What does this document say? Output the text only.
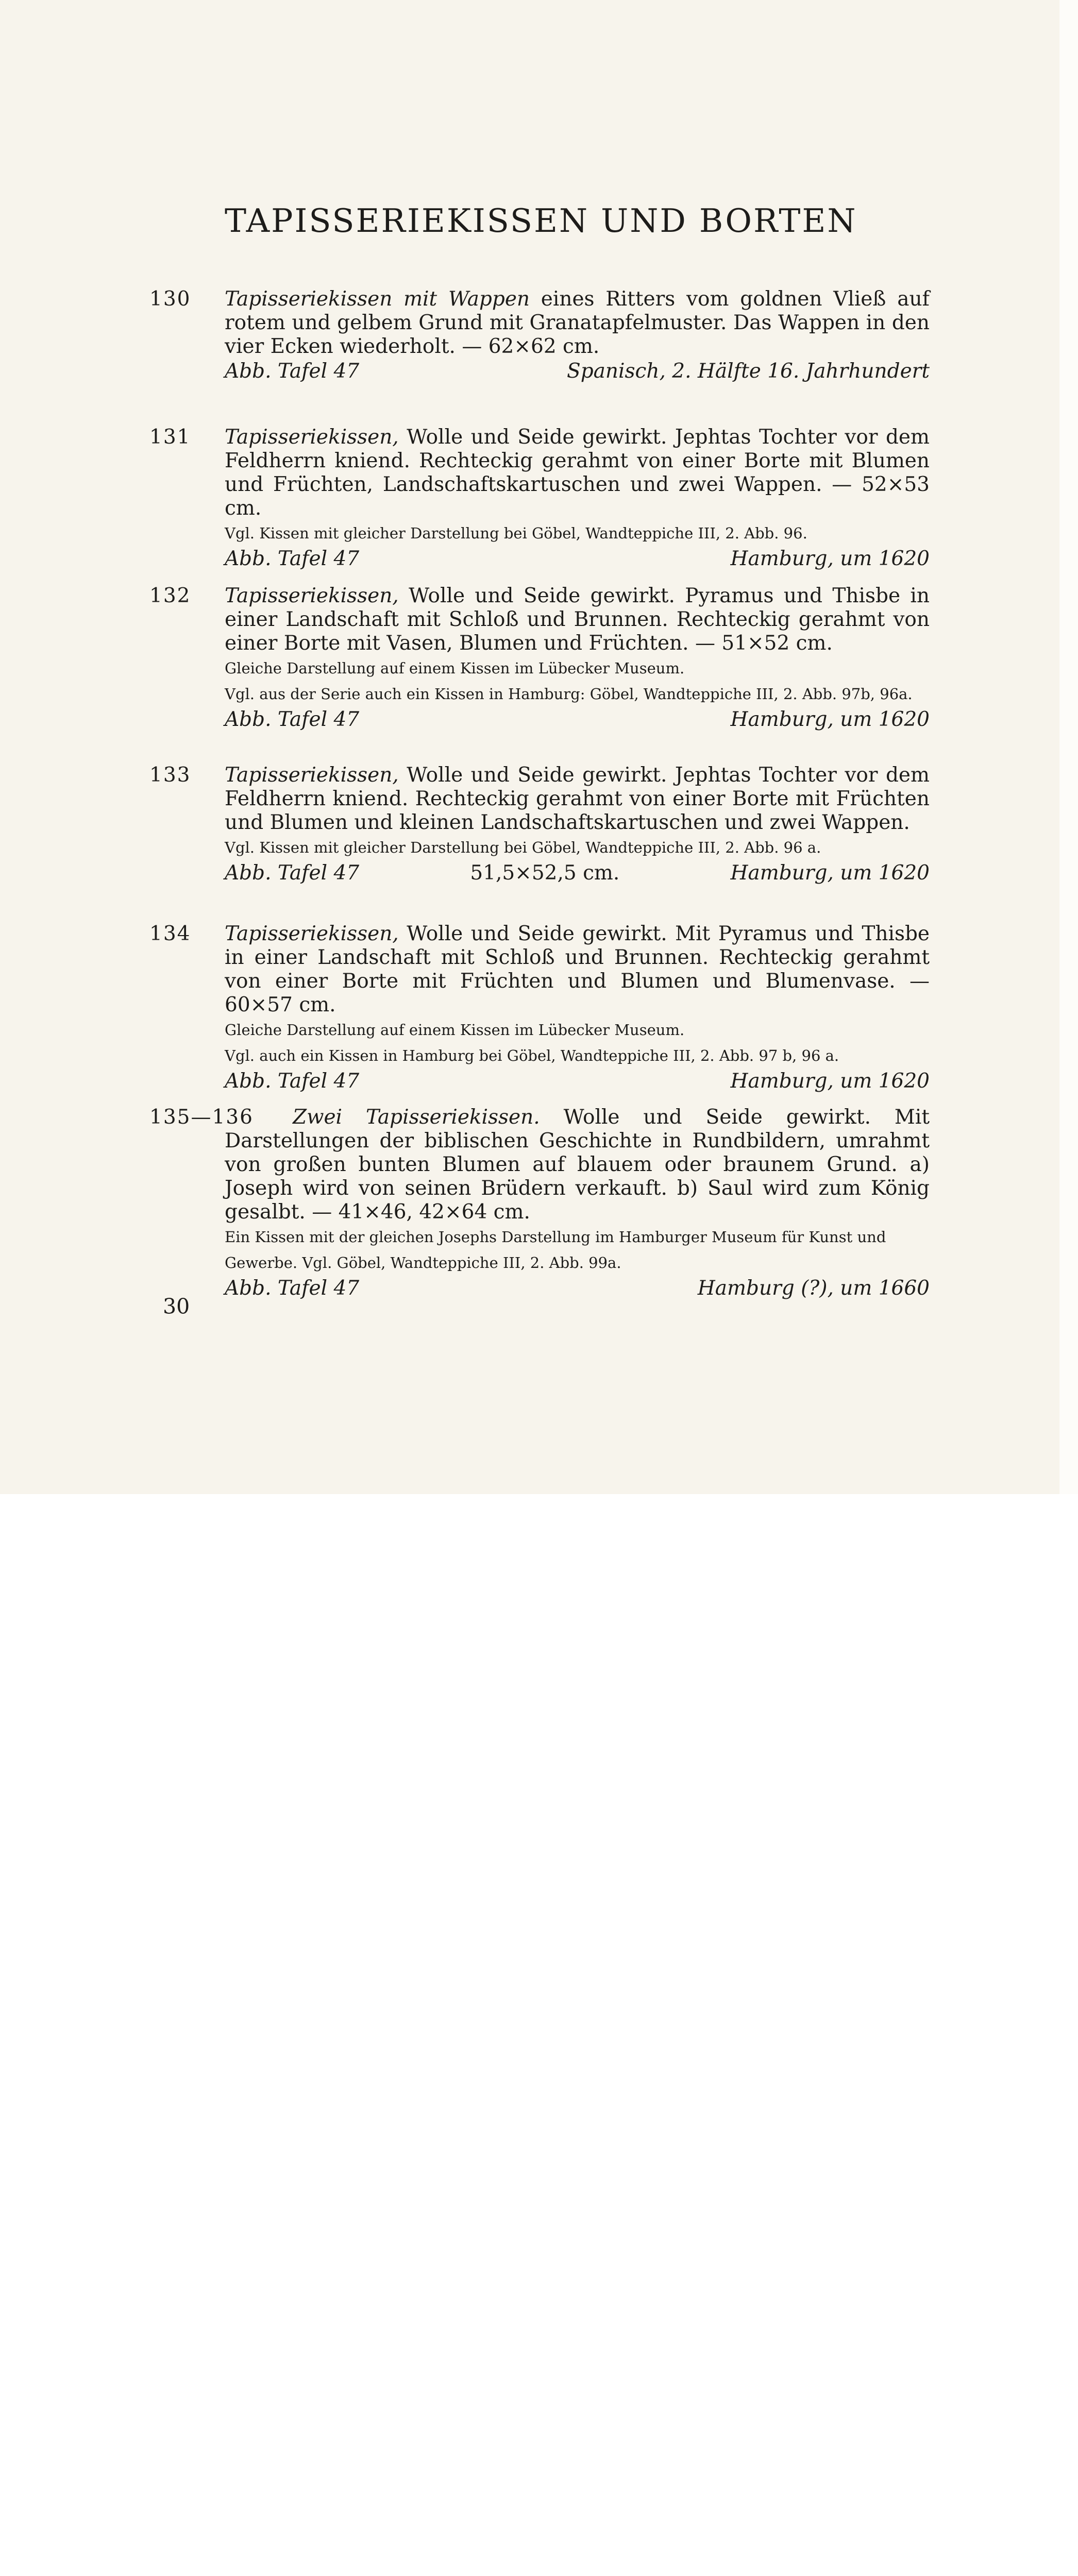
TAPISSERIEKISSEN UND BORTEN
130 Tapisseriekissen mit Wappen eines Ritters vom goldnen Vließ auf rotem und gelbem Grund mit Granatapfelmuster. Das Wappen in den vier Ecken wiederholt. — 62×62 cm.
Abb. Tafel 47	Spanisch, 2. Hälfte 16. Jahrhundert
131 Tapisseriekissen, Wolle und Seide gewirkt. Jephtas Tochter vor dem Feldherrn kniend. Rechteckig gerahmt von einer Borte mit Blumen und Früchten, Landschaftskartuschen und zwei Wappen. — 52×53 cm.
Vgl. Kissen mit gleicher Darstellung bei Göbel, Wandteppiche III, 2. Abb. 96.
Abb. Tafel 47	Hamburg, um 1620
132 Tapisseriekissen, Wolle und Seide gewirkt. Pyramus und Thisbe in einer Landschaft mit Schloß und Brunnen. Rechteckig gerahmt von einer Borte mit Vasen, Blumen und Früchten. — 51×52 cm.
Gleiche Darstellung auf einem Kissen im Lübecker Museum.
Vgl. aus der Serie auch ein Kissen in Hamburg: Göbel, Wandteppiche III, 2. Abb. 97b, 96a.
Abb. Tafel 47	Hamburg, um 1620
133 Tapisseriekissen, Wolle und Seide gewirkt. Jephtas Tochter vor dem Feldherrn kniend. Rechteckig gerahmt von einer Borte mit Früchten und Blumen und kleinen Landschaftskartuschen und zwei Wappen.
Vgl. Kissen mit gleicher Darstellung bei Göbel, Wandteppiche III, 2. Abb. 96 a.
Abb. Tafel 47	51,5×52,5 cm.	Hamburg, um 1620
134 Tapisseriekissen, Wolle und Seide gewirkt. Mit Pyramus und Thisbe in einer Landschaft mit Schloß und Brunnen. Rechteckig gerahmt von einer Borte mit Früchten und Blumen und Blumenvase. — 60×57 cm.
Gleiche Darstellung auf einem Kissen im Lübecker Museum.
Vgl. auch ein Kissen in Hamburg bei Göbel, Wandteppiche III, 2. Abb. 97 b, 96 a.
Abb. Tafel 47	Hamburg, um 1620
135—136	Zwei Tapisseriekissen. Wolle und Seide gewirkt. Mit Darstellungen der biblischen Geschichte in Rundbildern, umrahmt von großen bunten Blumen auf blauem oder braunem Grund. a) Joseph wird von seinen Brüdern verkauft. b) Saul wird zum König gesalbt. — 41×46, 42×64 cm.
Ein Kissen mit der gleichen Josephs Darstellung im Hamburger Museum für Kunst und Gewerbe. Vgl. Göbel, Wandteppiche III, 2. Abb. 99a.
Abb. Tafel 47	Hamburg (?), um 1660
30
